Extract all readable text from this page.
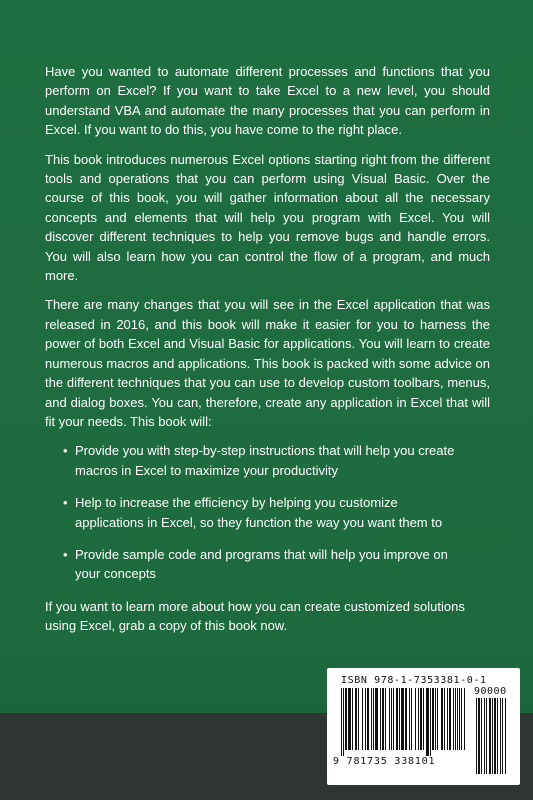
Have you wanted to automate different processes and functions that you perform on Excel? If you want to take Excel to a new level, you should understand VBA and automate the many processes that you can perform in Excel. If you want to do this, you have come to the right place.

This book introduces numerous Excel options starting right from the different tools and operations that you can perform using Visual Basic. Over the course of this book, you will gather information about all the necessary concepts and elements that will help you program with Excel. You will discover different techniques to help you remove bugs and handle errors. You will also learn how you can control the flow of a program, and much more.

There are many changes that you will see in the Excel application that was released in 2016, and this book will make it easier for you to harness the power of both Excel and Visual Basic for applications. You will learn to create numerous macros and applications. This book is packed with some advice on the different techniques that you can use to develop custom toolbars, menus, and dialog boxes. You can, therefore, create any application in Excel that will fit your needs. This book will:

• Provide you with step-by-step instructions that will help you create macros in Excel to maximize your productivity
• Help to increase the efficiency by helping you customize applications in Excel, so they function the way you want them to
• Provide sample code and programs that will help you improve on your concepts

If you want to learn more about how you can create customized solutions using Excel, grab a copy of this book now.

ISBN 978-1-7353381-0-1
90000
9 781735 338101
